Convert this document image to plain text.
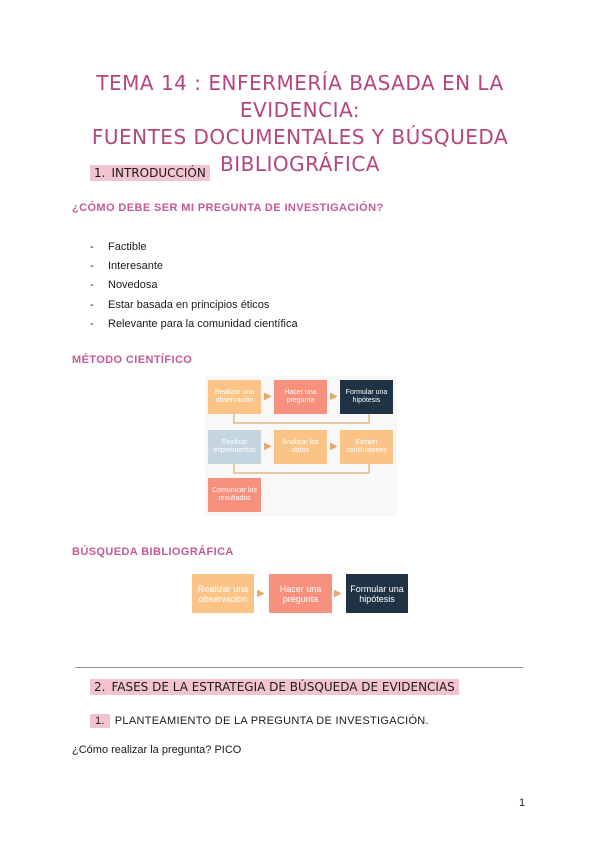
TEMA 14 : ENFERMERÍA BASADA EN LA EVIDENCIA:
FUENTES DOCUMENTALES Y BÚSQUEDA BIBLIOGRÁFICA
1. INTRODUCCIÓN
¿CÓMO DEBE SER MI PREGUNTA DE INVESTIGACIÓN?
- Factible
- Interesante
- Novedosa
- Estar basada en principios éticos
- Relevante para la comunidad científica
MÉTODO CIENTÍFICO
Realizar una observación	▶	Hacer una pregunta	▶	Formular una hipótesis
Realizar experimentos ▶	Analizar los datos	▶	Extraer conclusiones
Comunicar los resultados
BÚSQUEDA BIBLIOGRÁFICA
Realizar una observación ▶	Hacer una pregunta	▶ Formular una hipótesis
2. FASES DE LA ESTRATEGIA DE BÚSQUEDA DE EVIDENCIAS
1. PLANTEAMIENTO DE LA PREGUNTA DE INVESTIGACIÓN.
¿Cómo realizar la pregunta? PICO
1
